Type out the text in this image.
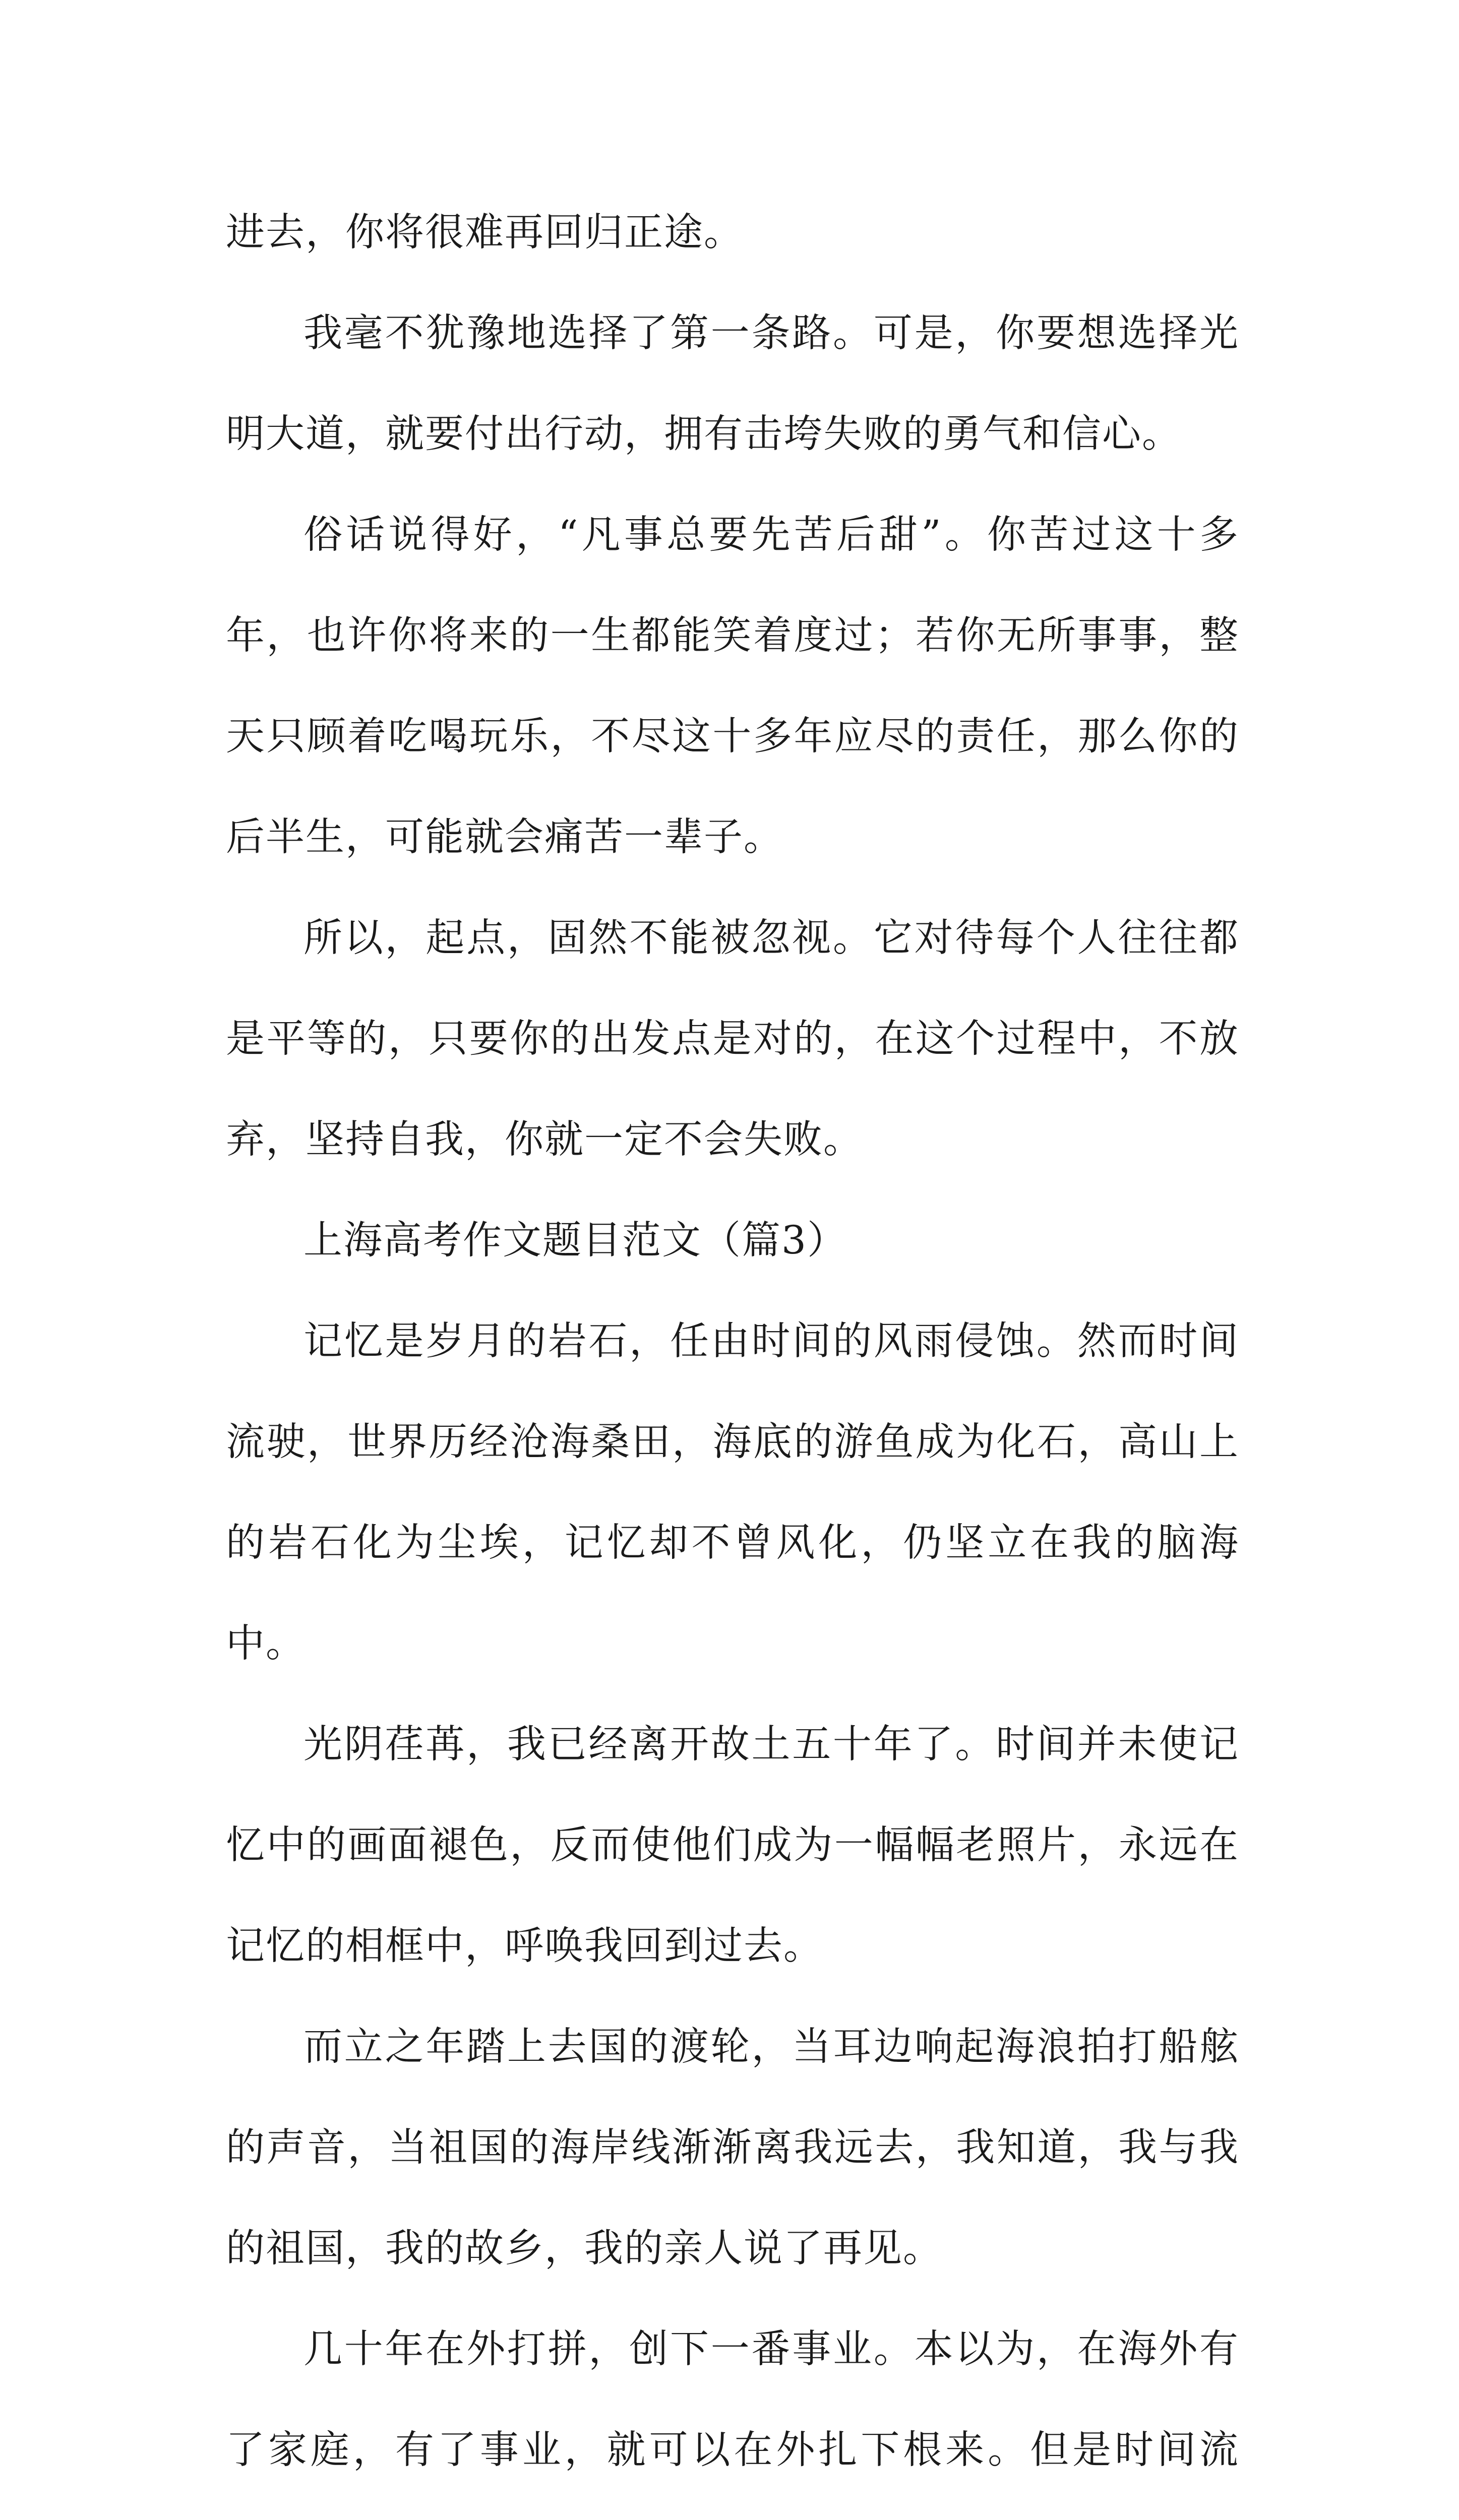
进去，你将很难再回归正途。

我毫不犹豫地选择了第一条路。可是，你要想选择光明大道，就要付出行动，拥有击垮失败的勇气和信心。

俗话说得好，“凡事总要先苦后甜”。你苦过这十多年，也许你将来的一生都能笑着度过；若你无所事事，整天只顾着吃喝玩乐，不尽这十多年应尽的责任，那么你的后半生，可能就会痛苦一辈子。

所以，起点，固然不能被忽视。它对待每个人往往都是平等的，只要你的出发点是对的，在这个过程中，不放弃，坚持自我，你就一定不会失败。

上海高考作文题目范文（篇3）

记忆是岁月的岩石，任由时间的风雨侵蚀。然而时间流驶，世界历经沧海桑田，海底的游鱼成为化石，高山上的岩石化为尘埃，记忆却不曾风化，仍坚立在我的脑海中。

光阴荏苒，我已经离开故土五十年了。时间并未使记忆中的画面褪色，反而使他们成为一幅幅老照片，永远在记忆的相框中，呼唤我回到过去。

而立之年踏上去国的渡轮，当耳边响起海浪拍打船舷的声音，当祖国的海岸线渐渐离我远去，我知道，我与我的祖国，我的故乡，我的亲人说了再见。

几十年在外打拼，创下一番事业。本以为，在海外有了家庭，有了事业，就可以在外扎下根来。但是时间流
